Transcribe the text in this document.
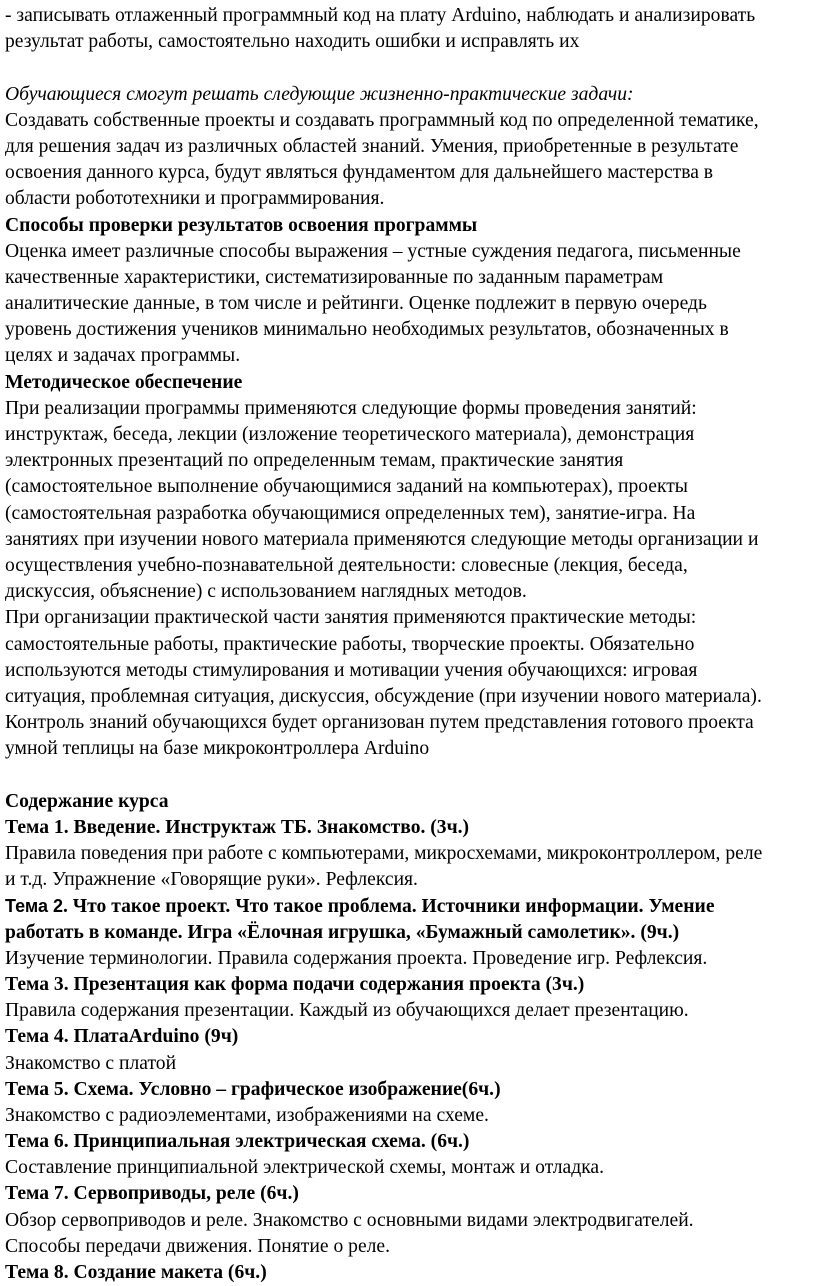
- записывать отлаженный программный код на плату Arduino, наблюдать и анализировать
результат работы, самостоятельно находить ошибки и исправлять их
Обучающиеся смогут решать следующие жизненно-практические задачи:
Создавать собственные проекты и создавать программный код по определенной тематике,
для решения задач из различных областей знаний. Умения, приобретенные в результате
освоения данного курса, будут являться фундаментом для дальнейшего мастерства в
области робототехники и программирования.
Способы проверки результатов освоения программы
Оценка имеет различные способы выражения – устные суждения педагога, письменные
качественные характеристики, систематизированные по заданным параметрам
аналитические данные, в том числе и рейтинги. Оценке подлежит в первую очередь
уровень достижения учеников минимально необходимых результатов, обозначенных в
целях и задачах программы.
Методическое обеспечение
При реализации программы применяются следующие формы проведения занятий:
инструктаж, беседа, лекции (изложение теоретического материала), демонстрация
электронных презентаций по определенным темам, практические занятия
(самостоятельное выполнение обучающимися заданий на компьютерах), проекты
(самостоятельная разработка обучающимися определенных тем), занятие-игра. На
занятиях при изучении нового материала применяются следующие методы организации и
осуществления учебно-познавательной деятельности: словесные (лекция, беседа,
дискуссия, объяснение) с использованием наглядных методов.
При организации практической части занятия применяются практические методы:
самостоятельные работы, практические работы, творческие проекты. Обязательно
используются методы стимулирования и мотивации учения обучающихся: игровая
ситуация, проблемная ситуация, дискуссия, обсуждение (при изучении нового материала).
Контроль знаний обучающихся будет организован путем представления готового проекта
умной теплицы на базе микроконтроллера Arduino
Содержание курса
Тема 1. Введение. Инструктаж ТБ. Знакомство. (3ч.)
Правила поведения при работе с компьютерами, микросхемами, микроконтроллером, реле
и т.д. Упражнение «Говорящие руки». Рефлексия.
Тема 2. Что такое проект. Что такое проблема. Источники информации. Умение
работать в команде. Игра «Ёлочная игрушка, «Бумажный самолетик». (9ч.)
Изучение терминологии. Правила содержания проекта. Проведение игр. Рефлексия.
Тема 3. Презентация как форма подачи содержания проекта (3ч.)
Правила содержания презентации. Каждый из обучающихся делает презентацию.
Тема 4. ПлатаArduino (9ч)
Знакомство с платой
Тема 5. Схема. Условно – графическое изображение(6ч.)
Знакомство с радиоэлементами, изображениями на схеме.
Тема 6. Принципиальная электрическая схема. (6ч.)
Составление принципиальной электрической схемы, монтаж и отладка.
Тема 7. Сервоприводы, реле (6ч.)
Обзор сервоприводов и реле. Знакомство с основными видами электродвигателей.
Способы передачи движения. Понятие о реле.
Тема 8. Создание макета (6ч.)
